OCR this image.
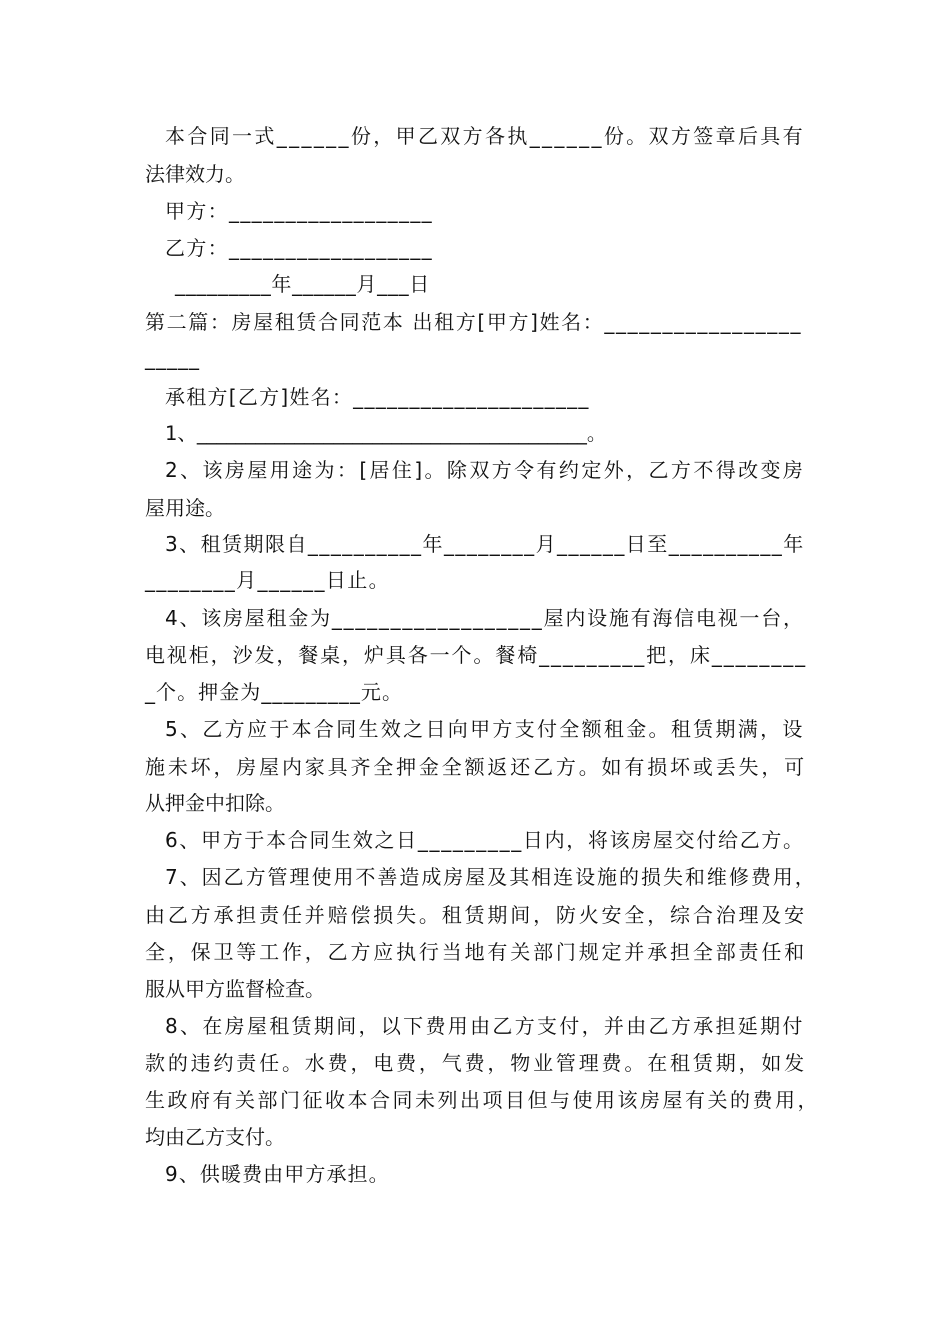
本合同一式______份，甲乙双方各执______份。双方签章后具有
法律效力。
甲方：__________________
乙方：__________________
_________年______月___日
第二篇：房屋租赁合同范本 出租方[甲方]姓名：_________________
_____
承租方[乙方]姓名：_____________________
1、________________________________________。
2、该房屋用途为：[居住]。除双方令有约定外，乙方不得改变房
屋用途。
3、租赁期限自__________年________月______日至__________年
________月______日止。
4、该房屋租金为__________________屋内设施有海信电视一台，
电视柜，沙发，餐桌，炉具各一个。餐椅_________把，床________
_个。押金为_________元。
5、乙方应于本合同生效之日向甲方支付全额租金。租赁期满，设
施未坏，房屋内家具齐全押金全额返还乙方。如有损坏或丢失，可
从押金中扣除。
6、甲方于本合同生效之日_________日内，将该房屋交付给乙方。
7、因乙方管理使用不善造成房屋及其相连设施的损失和维修费用，
由乙方承担责任并赔偿损失。租赁期间，防火安全，综合治理及安
全，保卫等工作，乙方应执行当地有关部门规定并承担全部责任和
服从甲方监督检查。
8、在房屋租赁期间，以下费用由乙方支付，并由乙方承担延期付
款的违约责任。水费，电费，气费，物业管理费。在租赁期，如发
生政府有关部门征收本合同未列出项目但与使用该房屋有关的费用，
均由乙方支付。
9、供暖费由甲方承担。
